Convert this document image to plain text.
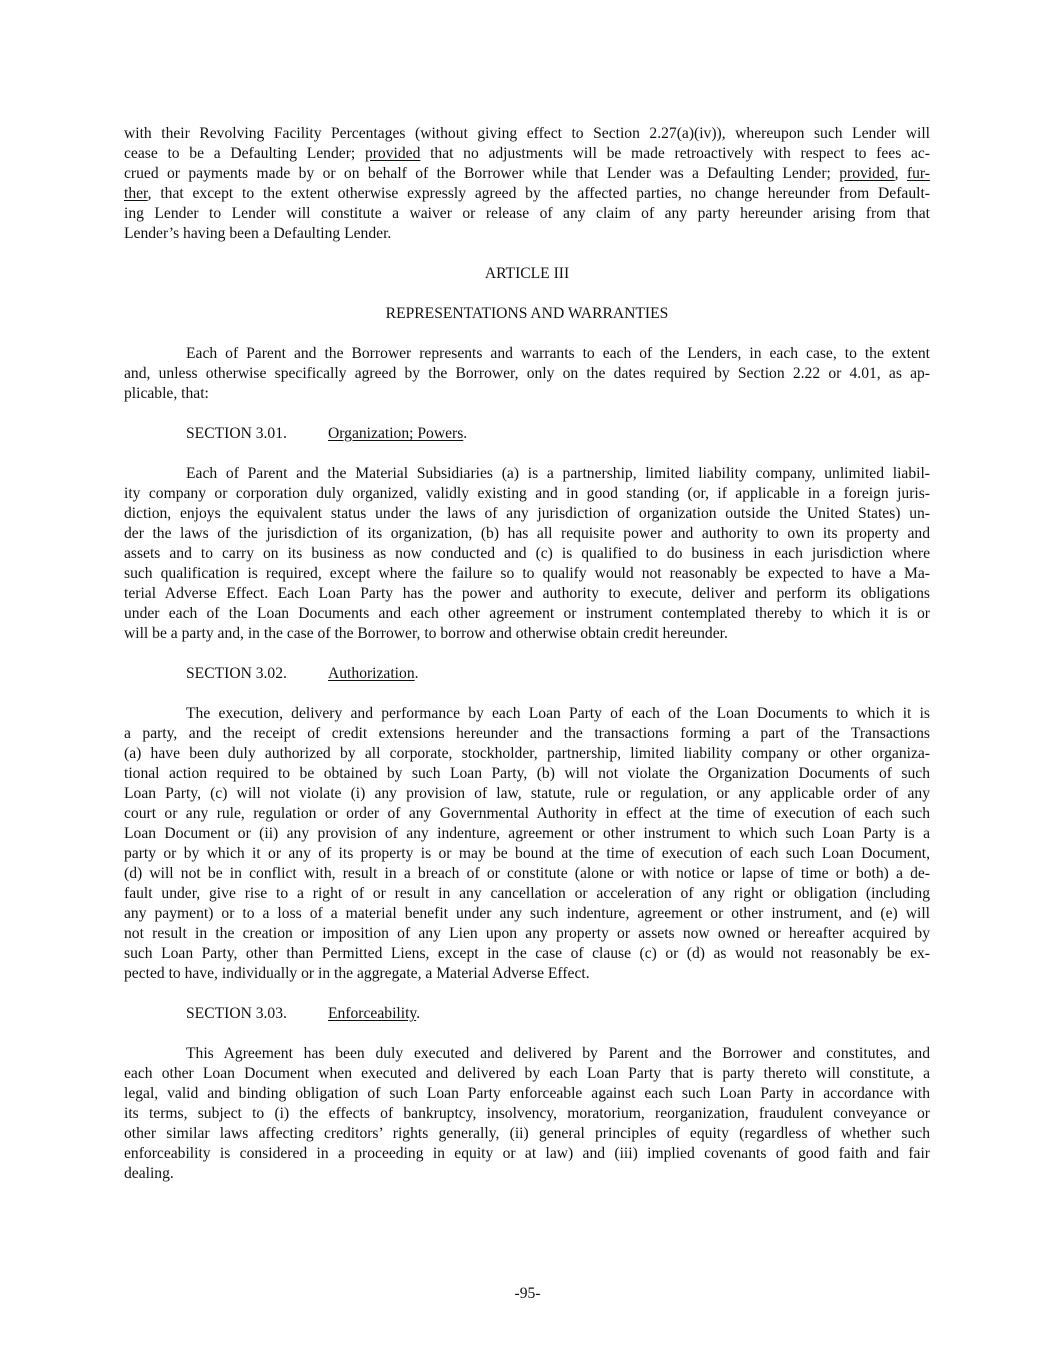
with their Revolving Facility Percentages (without giving effect to Section 2.27(a)(iv)), whereupon such Lender will
cease to be a Defaulting Lender; provided that no adjustments will be made retroactively with respect to fees ac-
crued or payments made by or on behalf of the Borrower while that Lender was a Defaulting Lender; provided, fur-
ther, that except to the extent otherwise expressly agreed by the affected parties, no change hereunder from Default-
ing Lender to Lender will constitute a waiver or release of any claim of any party hereunder arising from that
Lender’s having been a Defaulting Lender.
ARTICLE III
REPRESENTATIONS AND WARRANTIES
Each of Parent and the Borrower represents and warrants to each of the Lenders, in each case, to the extent
and, unless otherwise specifically agreed by the Borrower, only on the dates required by Section 2.22 or 4.01, as ap-
plicable, that:
SECTION 3.01.	Organization; Powers.
Each of Parent and the Material Subsidiaries (a) is a partnership, limited liability company, unlimited liabil-
ity company or corporation duly organized, validly existing and in good standing (or, if applicable in a foreign juris-
diction, enjoys the equivalent status under the laws of any jurisdiction of organization outside the United States) un-
der the laws of the jurisdiction of its organization, (b) has all requisite power and authority to own its property and
assets and to carry on its business as now conducted and (c) is qualified to do business in each jurisdiction where
such qualification is required, except where the failure so to qualify would not reasonably be expected to have a Ma-
terial Adverse Effect. Each Loan Party has the power and authority to execute, deliver and perform its obligations
under each of the Loan Documents and each other agreement or instrument contemplated thereby to which it is or
will be a party and, in the case of the Borrower, to borrow and otherwise obtain credit hereunder.
SECTION 3.02.	Authorization.
The execution, delivery and performance by each Loan Party of each of the Loan Documents to which it is
a party, and the receipt of credit extensions hereunder and the transactions forming a part of the Transactions
(a) have been duly authorized by all corporate, stockholder, partnership, limited liability company or other organiza-
tional action required to be obtained by such Loan Party, (b) will not violate the Organization Documents of such
Loan Party, (c) will not violate (i) any provision of law, statute, rule or regulation, or any applicable order of any
court or any rule, regulation or order of any Governmental Authority in effect at the time of execution of each such
Loan Document or (ii) any provision of any indenture, agreement or other instrument to which such Loan Party is a
party or by which it or any of its property is or may be bound at the time of execution of each such Loan Document,
(d) will not be in conflict with, result in a breach of or constitute (alone or with notice or lapse of time or both) a de-
fault under, give rise to a right of or result in any cancellation or acceleration of any right or obligation (including
any payment) or to a loss of a material benefit under any such indenture, agreement or other instrument, and (e) will
not result in the creation or imposition of any Lien upon any property or assets now owned or hereafter acquired by
such Loan Party, other than Permitted Liens, except in the case of clause (c) or (d) as would not reasonably be ex-
pected to have, individually or in the aggregate, a Material Adverse Effect.
SECTION 3.03.	Enforceability.
This Agreement has been duly executed and delivered by Parent and the Borrower and constitutes, and
each other Loan Document when executed and delivered by each Loan Party that is party thereto will constitute, a
legal, valid and binding obligation of such Loan Party enforceable against each such Loan Party in accordance with
its terms, subject to (i) the effects of bankruptcy, insolvency, moratorium, reorganization, fraudulent conveyance or
other similar laws affecting creditors’ rights generally, (ii) general principles of equity (regardless of whether such
enforceability is considered in a proceeding in equity or at law) and (iii) implied covenants of good faith and fair
dealing.
-95-
